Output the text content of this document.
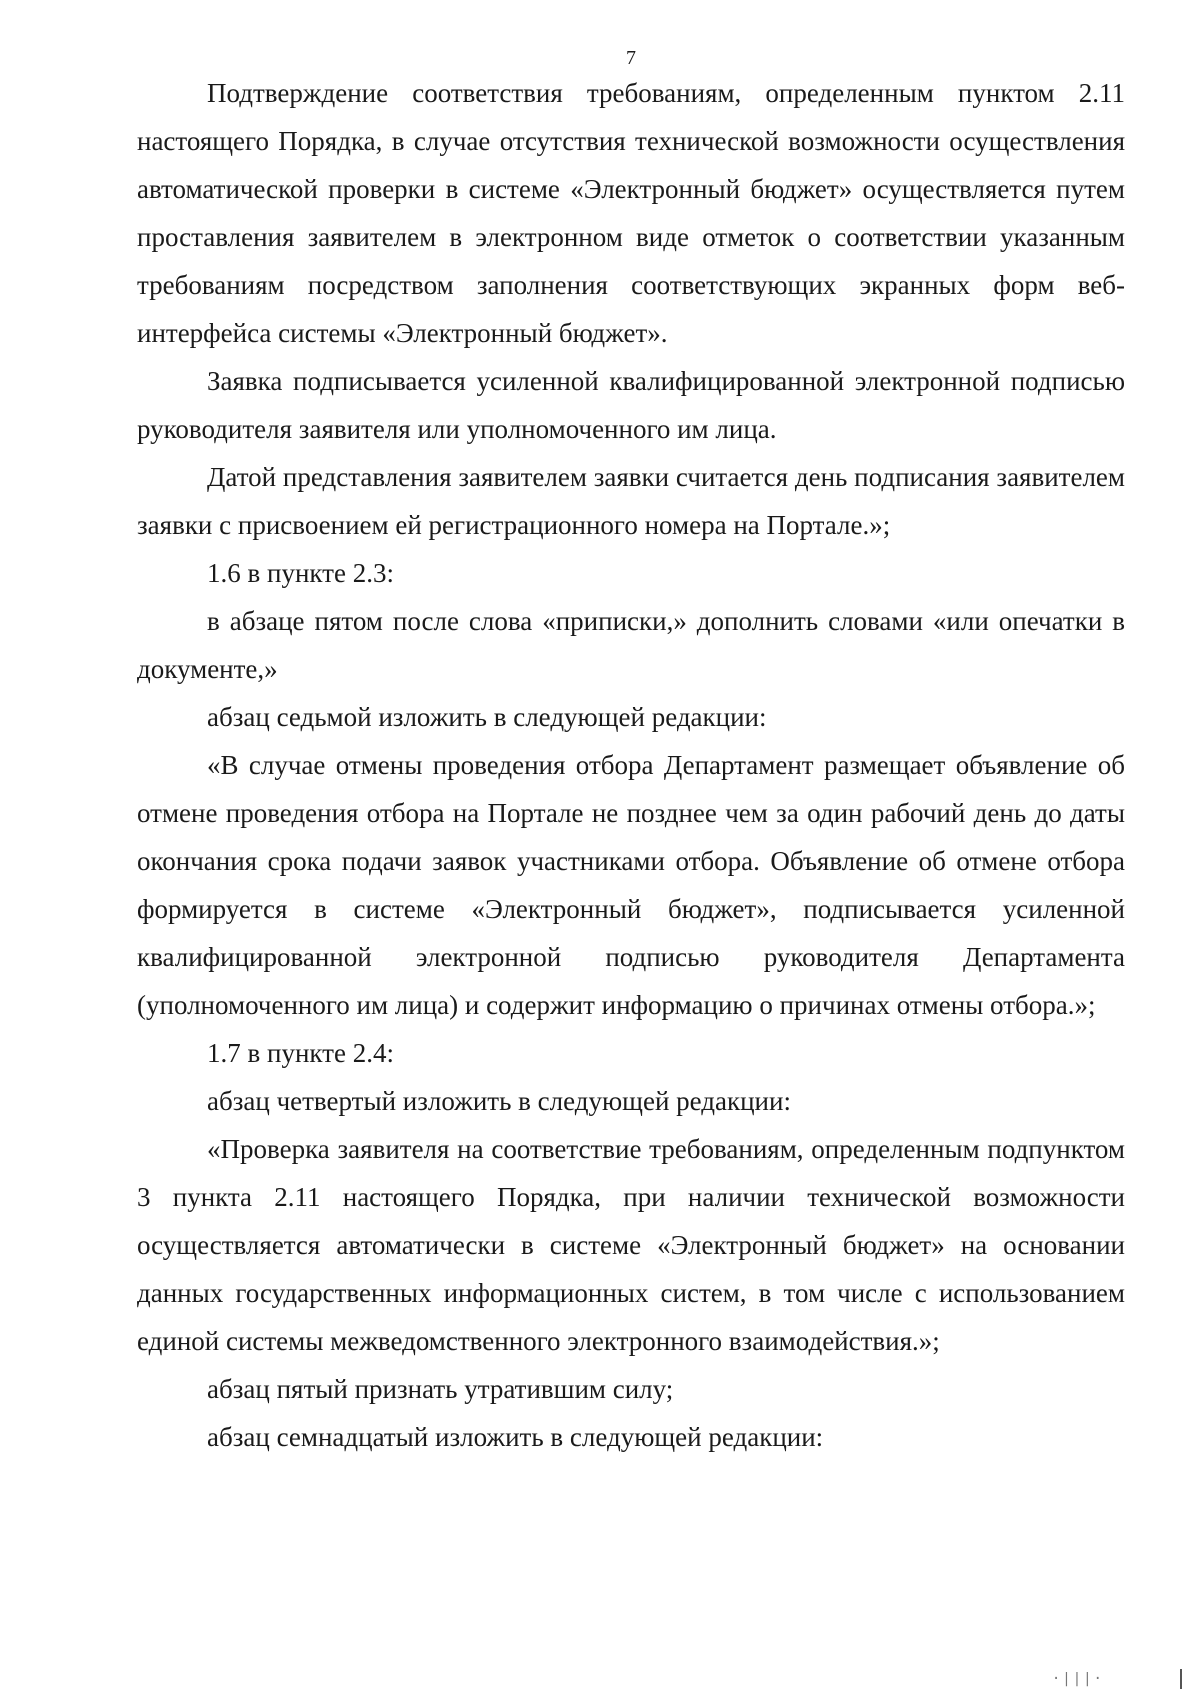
7

Подтверждение соответствия требованиям, определенным пунктом 2.11 настоящего Порядка, в случае отсутствия технической возможности осуществления автоматической проверки в системе «Электронный бюджет» осуществляется путем проставления заявителем в электронном виде отметок о соответствии указанным требованиям посредством заполнения соответствующих экранных форм веб-интерфейса системы «Электронный бюджет».

Заявка подписывается усиленной квалифицированной электронной подписью руководителя заявителя или уполномоченного им лица.

Датой представления заявителем заявки считается день подписания заявителем заявки с присвоением ей регистрационного номера на Портале.»;

1.6 в пункте 2.3:

в абзаце пятом после слова «приписки,» дополнить словами «или опечатки в документе,»

абзац седьмой изложить в следующей редакции:

«В случае отмены проведения отбора Департамент размещает объявление об отмене проведения отбора на Портале не позднее чем за один рабочий день до даты окончания срока подачи заявок участниками отбора. Объявление об отмене отбора формируется в системе «Электронный бюджет», подписывается усиленной квалифицированной электронной подписью руководителя Департамента (уполномоченного им лица) и содержит информацию о причинах отмены отбора.»;

1.7 в пункте 2.4:

абзац четвертый изложить в следующей редакции:

«Проверка заявителя на соответствие требованиям, определенным подпунктом 3 пункта 2.11 настоящего Порядка, при наличии технической возможности осуществляется автоматически в системе «Электронный бюджет» на основании данных государственных информационных систем, в том числе с использованием единой системы межведомственного электронного взаимодействия.»;

абзац пятый признать утратившим силу;

абзац семнадцатый изложить в следующей редакции:

·|||·
